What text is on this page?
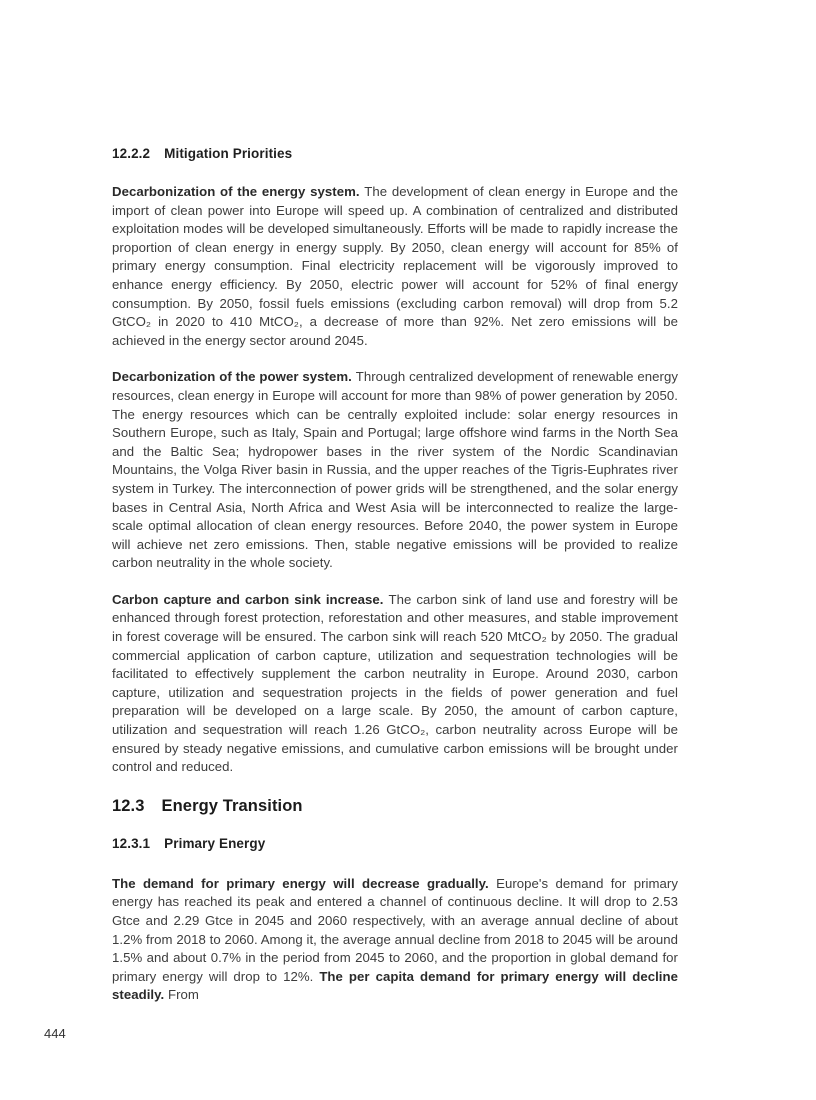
12.2.2 Mitigation Priorities

Decarbonization of the energy system. The development of clean energy in Europe and the import of clean power into Europe will speed up. A combination of centralized and distributed exploitation modes will be developed simultaneously. Efforts will be made to rapidly increase the proportion of clean energy in energy supply. By 2050, clean energy will account for 85% of primary energy consumption. Final electricity replacement will be vigorously improved to enhance energy efficiency. By 2050, electric power will account for 52% of final energy consumption. By 2050, fossil fuels emissions (excluding carbon removal) will drop from 5.2 GtCO₂ in 2020 to 410 MtCO₂, a decrease of more than 92%. Net zero emissions will be achieved in the energy sector around 2045.

Decarbonization of the power system. Through centralized development of renewable energy resources, clean energy in Europe will account for more than 98% of power generation by 2050. The energy resources which can be centrally exploited include: solar energy resources in Southern Europe, such as Italy, Spain and Portugal; large offshore wind farms in the North Sea and the Baltic Sea; hydropower bases in the river system of the Nordic Scandinavian Mountains, the Volga River basin in Russia, and the upper reaches of the Tigris-Euphrates river system in Turkey. The interconnection of power grids will be strengthened, and the solar energy bases in Central Asia, North Africa and West Asia will be interconnected to realize the large-scale optimal allocation of clean energy resources. Before 2040, the power system in Europe will achieve net zero emissions. Then, stable negative emissions will be provided to realize carbon neutrality in the whole society.

Carbon capture and carbon sink increase. The carbon sink of land use and forestry will be enhanced through forest protection, reforestation and other measures, and stable improvement in forest coverage will be ensured. The carbon sink will reach 520 MtCO₂ by 2050. The gradual commercial application of carbon capture, utilization and sequestration technologies will be facilitated to effectively supplement the carbon neutrality in Europe. Around 2030, carbon capture, utilization and sequestration projects in the fields of power generation and fuel preparation will be developed on a large scale. By 2050, the amount of carbon capture, utilization and sequestration will reach 1.26 GtCO₂, carbon neutrality across Europe will be ensured by steady negative emissions, and cumulative carbon emissions will be brought under control and reduced.

12.3 Energy Transition
12.3.1 Primary Energy

The demand for primary energy will decrease gradually. Europe's demand for primary energy has reached its peak and entered a channel of continuous decline. It will drop to 2.53 Gtce and 2.29 Gtce in 2045 and 2060 respectively, with an average annual decline of about 1.2% from 2018 to 2060. Among it, the average annual decline from 2018 to 2045 will be around 1.5% and about 0.7% in the period from 2045 to 2060, and the proportion in global demand for primary energy will drop to 12%. The per capita demand for primary energy will decline steadily. From

444
